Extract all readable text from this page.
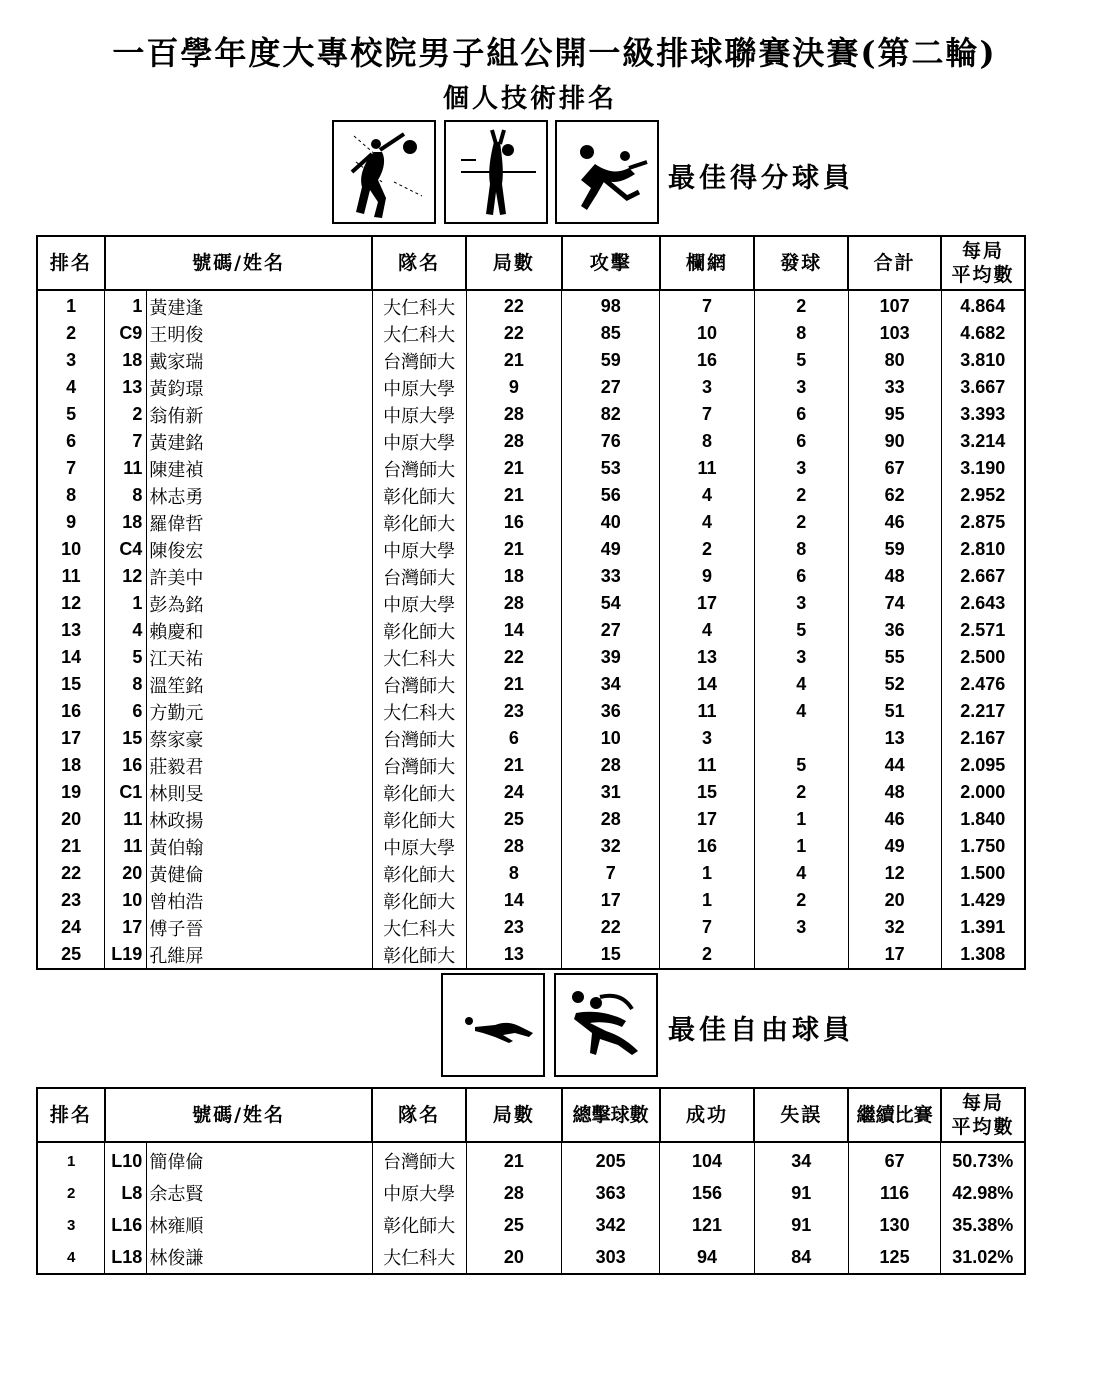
一百學年度大專校院男子組公開一級排球聯賽決賽(第二輪)
個人技術排名
最佳得分球員
排名	號碼/姓名		隊名	局數	攻擊	欄網	發球	合計	每局
平均數
1	1	黃建逢	大仁科大	22	98	7	2	107	4.864
2	C9	王明俊	大仁科大	22	85	10	8	103	4.682
3	18	戴家瑞	台灣師大	21	59	16	5	80	3.810
4	13	黃鈞璟	中原大學	9	27	3	3	33	3.667
5	2	翁侑新	中原大學	28	82	7	6	95	3.393
6	7	黃建銘	中原大學	28	76	8	6	90	3.214
7	11	陳建禎	台灣師大	21	53	11	3	67	3.190
8	8	林志勇	彰化師大	21	56	4	2	62	2.952
9	18	羅偉哲	彰化師大	16	40	4	2	46	2.875
10	C4	陳俊宏	中原大學	21	49	2	8	59	2.810
11	12	許美中	台灣師大	18	33	9	6	48	2.667
12	1	彭為銘	中原大學	28	54	17	3	74	2.643
13	4	賴慶和	彰化師大	14	27	4	5	36	2.571
14	5	江天祐	大仁科大	22	39	13	3	55	2.500
15	8	溫笙銘	台灣師大	21	34	14	4	52	2.476
16	6	方勤元	大仁科大	23	36	11	4	51	2.217
17	15	蔡家豪	台灣師大	6	10	3		13	2.167
18	16	莊毅君	台灣師大	21	28	11	5	44	2.095
19	C1	林則旻	彰化師大	24	31	15	2	48	2.000
20	11	林政揚	彰化師大	25	28	17	1	46	1.840
21	11	黃伯翰	中原大學	28	32	16	1	49	1.750
22	20	黃健倫	彰化師大	8	7	1	4	12	1.500
23	10	曾柏浩	彰化師大	14	17	1	2	20	1.429
24	17	傅子晉	大仁科大	23	22	7	3	32	1.391
25	L19	孔維屏	彰化師大	13	15	2		17	1.308
最佳自由球員
排名	號碼/姓名		隊名	局數	總擊球數	成功	失誤	繼續比賽	每局
平均數
1	L10	簡偉倫	台灣師大	21	205	104	34	67	50.73%
2	L8	余志賢	中原大學	28	363	156	91	116	42.98%
3	L16	林雍順	彰化師大	25	342	121	91	130	35.38%
4	L18	林俊謙	大仁科大	20	303	94	84	125	31.02%
